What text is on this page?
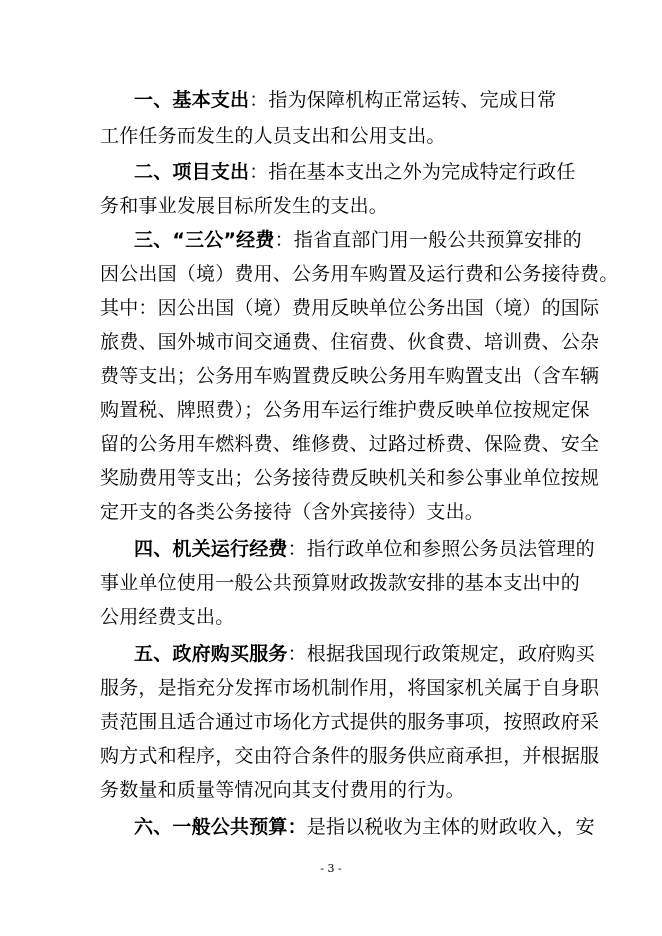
一、基本支出：指为保障机构正常运转、完成日常
工作任务而发生的人员支出和公用支出。
二、项目支出：指在基本支出之外为完成特定行政任
务和事业发展目标所发生的支出。
三、“三公”经费：指省直部门用一般公共预算安排的
因公出国（境）费用、公务用车购置及运行费和公务接待费。
其中：因公出国（境）费用反映单位公务出国（境）的国际
旅费、国外城市间交通费、住宿费、伙食费、培训费、公杂
费等支出；公务用车购置费反映公务用车购置支出（含车辆
购置税、牌照费）；公务用车运行维护费反映单位按规定保
留的公务用车燃料费、维修费、过路过桥费、保险费、安全
奖励费用等支出；公务接待费反映机关和参公事业单位按规
定开支的各类公务接待（含外宾接待）支出。
四、机关运行经费：指行政单位和参照公务员法管理的
事业单位使用一般公共预算财政拨款安排的基本支出中的
公用经费支出。
五、政府购买服务：根据我国现行政策规定，政府购买
服务，是指充分发挥市场机制作用，将国家机关属于自身职
责范围且适合通过市场化方式提供的服务事项，按照政府采
购方式和程序，交由符合条件的服务供应商承担，并根据服
务数量和质量等情况向其支付费用的行为。
六、一般公共预算：是指以税收为主体的财政收入，安
- 3 -
